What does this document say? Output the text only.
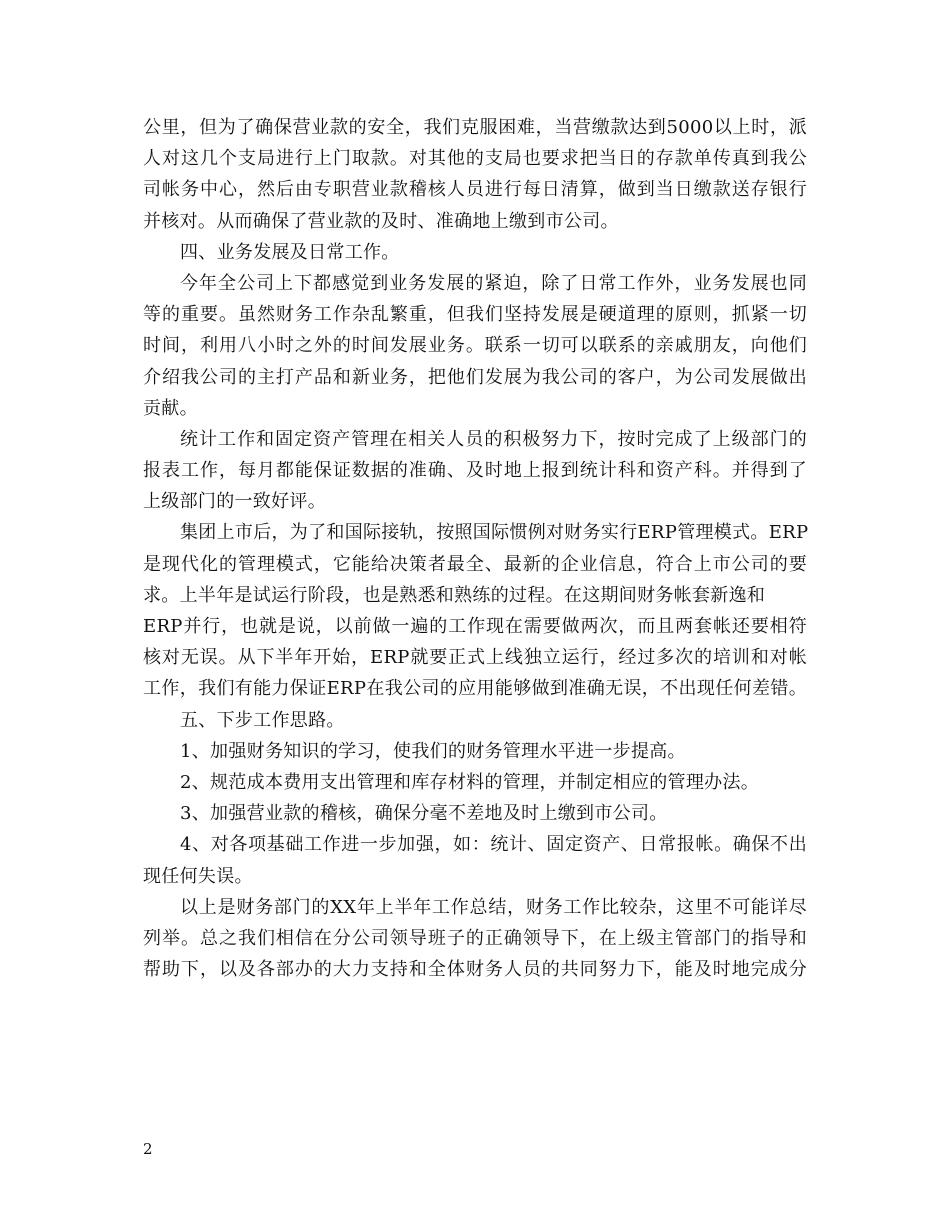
公里，但为了确保营业款的安全，我们克服困难，当营缴款达到5000以上时，派
人对这几个支局进行上门取款。对其他的支局也要求把当日的存款单传真到我公
司帐务中心，然后由专职营业款稽核人员进行每日清算，做到当日缴款送存银行
并核对。从而确保了营业款的及时、准确地上缴到市公司。
四、业务发展及日常工作。
今年全公司上下都感觉到业务发展的紧迫，除了日常工作外，业务发展也同
等的重要。虽然财务工作杂乱繁重，但我们坚持发展是硬道理的原则，抓紧一切
时间，利用八小时之外的时间发展业务。联系一切可以联系的亲戚朋友，向他们
介绍我公司的主打产品和新业务，把他们发展为我公司的客户，为公司发展做出
贡献。
统计工作和固定资产管理在相关人员的积极努力下，按时完成了上级部门的
报表工作，每月都能保证数据的准确、及时地上报到统计科和资产科。并得到了
上级部门的一致好评。
集团上市后，为了和国际接轨，按照国际惯例对财务实行ERP管理模式。ERP
是现代化的管理模式，它能给决策者最全、最新的企业信息，符合上市公司的要
求。上半年是试运行阶段，也是熟悉和熟练的过程。在这期间财务帐套新逸和
ERP并行，也就是说，以前做一遍的工作现在需要做两次，而且两套帐还要相符
核对无误。从下半年开始，ERP就要正式上线独立运行，经过多次的培训和对帐
工作，我们有能力保证ERP在我公司的应用能够做到准确无误，不出现任何差错。
五、下步工作思路。
1、加强财务知识的学习，使我们的财务管理水平进一步提高。
2、规范成本费用支出管理和库存材料的管理，并制定相应的管理办法。
3、加强营业款的稽核，确保分毫不差地及时上缴到市公司。
4、对各项基础工作进一步加强，如：统计、固定资产、日常报帐。确保不出
现任何失误。
以上是财务部门的XX年上半年工作总结，财务工作比较杂，这里不可能详尽
列举。总之我们相信在分公司领导班子的正确领导下，在上级主管部门的指导和
帮助下，以及各部办的大力支持和全体财务人员的共同努力下，能及时地完成分
2
